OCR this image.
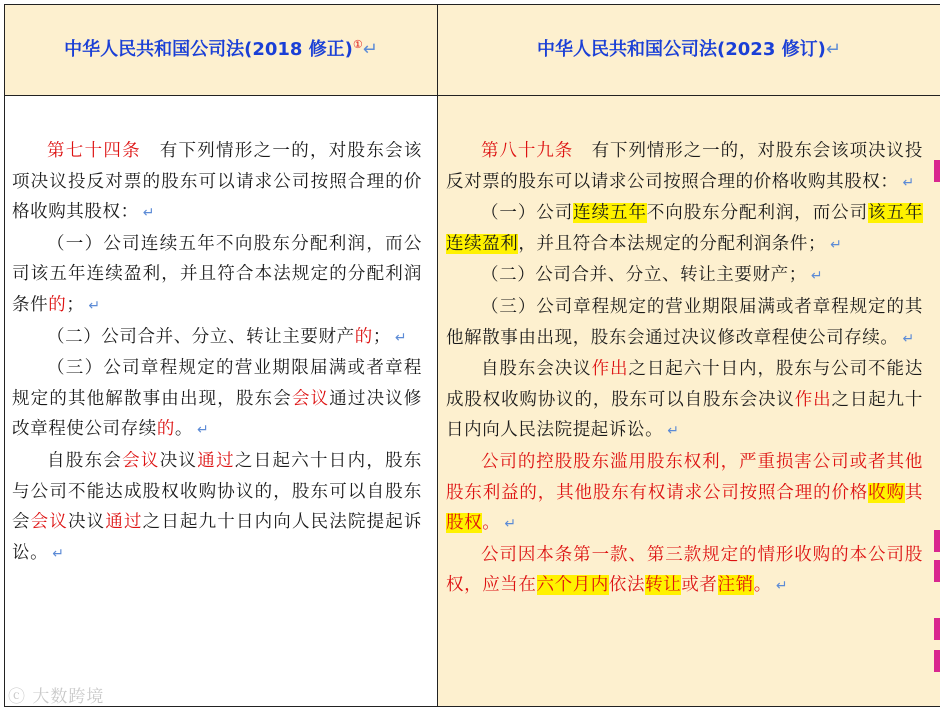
中华人民共和国公司法(2018 修正)①↵	中华人民共和国公司法(2023 修订)↵

第七十四条　有下列情形之一的，对股东会该项决议投反对票的股东可以请求公司按照合理的价格收购其股权： ↵

（一）公司连续五年不向股东分配利润，而公司该五年连续盈利，并且符合本法规定的分配利润条件的； ↵

（二）公司合并、分立、转让主要财产的； ↵

（三）公司章程规定的营业期限届满或者章程规定的其他解散事由出现，股东会会议通过决议修改章程使公司存续的。 ↵

自股东会会议决议通过之日起六十日内，股东与公司不能达成股权收购协议的，股东可以自股东会会议决议通过之日起九十日内向人民法院提起诉讼。 ↵

第八十九条　有下列情形之一的，对股东会该项决议投反对票的股东可以请求公司按照合理的价格收购其股权： ↵

（一）公司连续五年不向股东分配利润，而公司该五年连续盈利，并且符合本法规定的分配利润条件； ↵

（二）公司合并、分立、转让主要财产； ↵

（三）公司章程规定的营业期限届满或者章程规定的其他解散事由出现，股东会通过决议修改章程使公司存续。 ↵

自股东会决议作出之日起六十日内，股东与公司不能达成股权收购协议的，股东可以自股东会决议作出之日起九十日内向人民法院提起诉讼。 ↵

公司的控股股东滥用股东权利，严重损害公司或者其他股东利益的，其他股东有权请求公司按照合理的价格收购其股权。 ↵

公司因本条第一款、第三款规定的情形收购的本公司股权，应当在六个月内依法转让或者注销。 ↵

ⓒ 大数跨境
